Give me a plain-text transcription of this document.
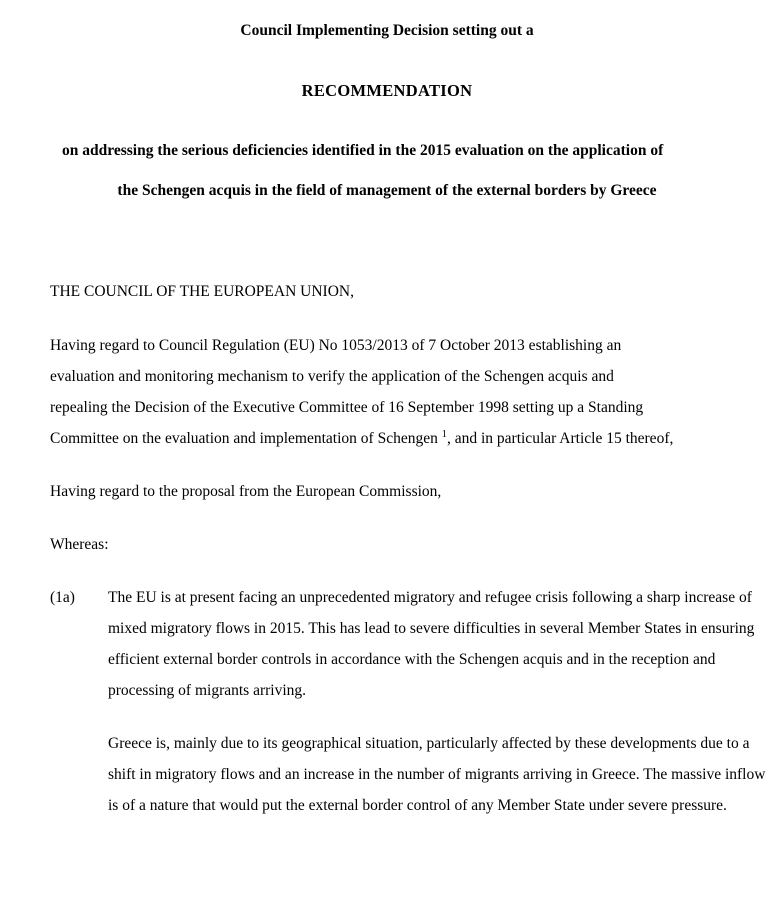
Council Implementing Decision setting out a
RECOMMENDATION
on addressing the serious deficiencies identified in the 2015 evaluation on the application of
the Schengen acquis in the field of management of the external borders by Greece

THE COUNCIL OF THE EUROPEAN UNION,

Having regard to Council Regulation (EU) No 1053/2013 of 7 October 2013 establishing an
evaluation and monitoring mechanism to verify the application of the Schengen acquis and
repealing the Decision of the Executive Committee of 16 September 1998 setting up a Standing
Committee on the evaluation and implementation of Schengen $^1$, and in particular Article 15 thereof,

Having regard to the proposal from the European Commission,

Whereas:

(1a)	The EU is at present facing an unprecedented migratory and refugee crisis following a sharp increase of mixed migratory flows in 2015. This has lead to severe difficulties in several Member States in ensuring efficient external border controls in accordance with the Schengen acquis and in the reception and processing of migrants arriving.

Greece is, mainly due to its geographical situation, particularly affected by these developments due to a shift in migratory flows and an increase in the number of migrants arriving in Greece. The massive inflow is of a nature that would put the external border control of any Member State under severe pressure.
